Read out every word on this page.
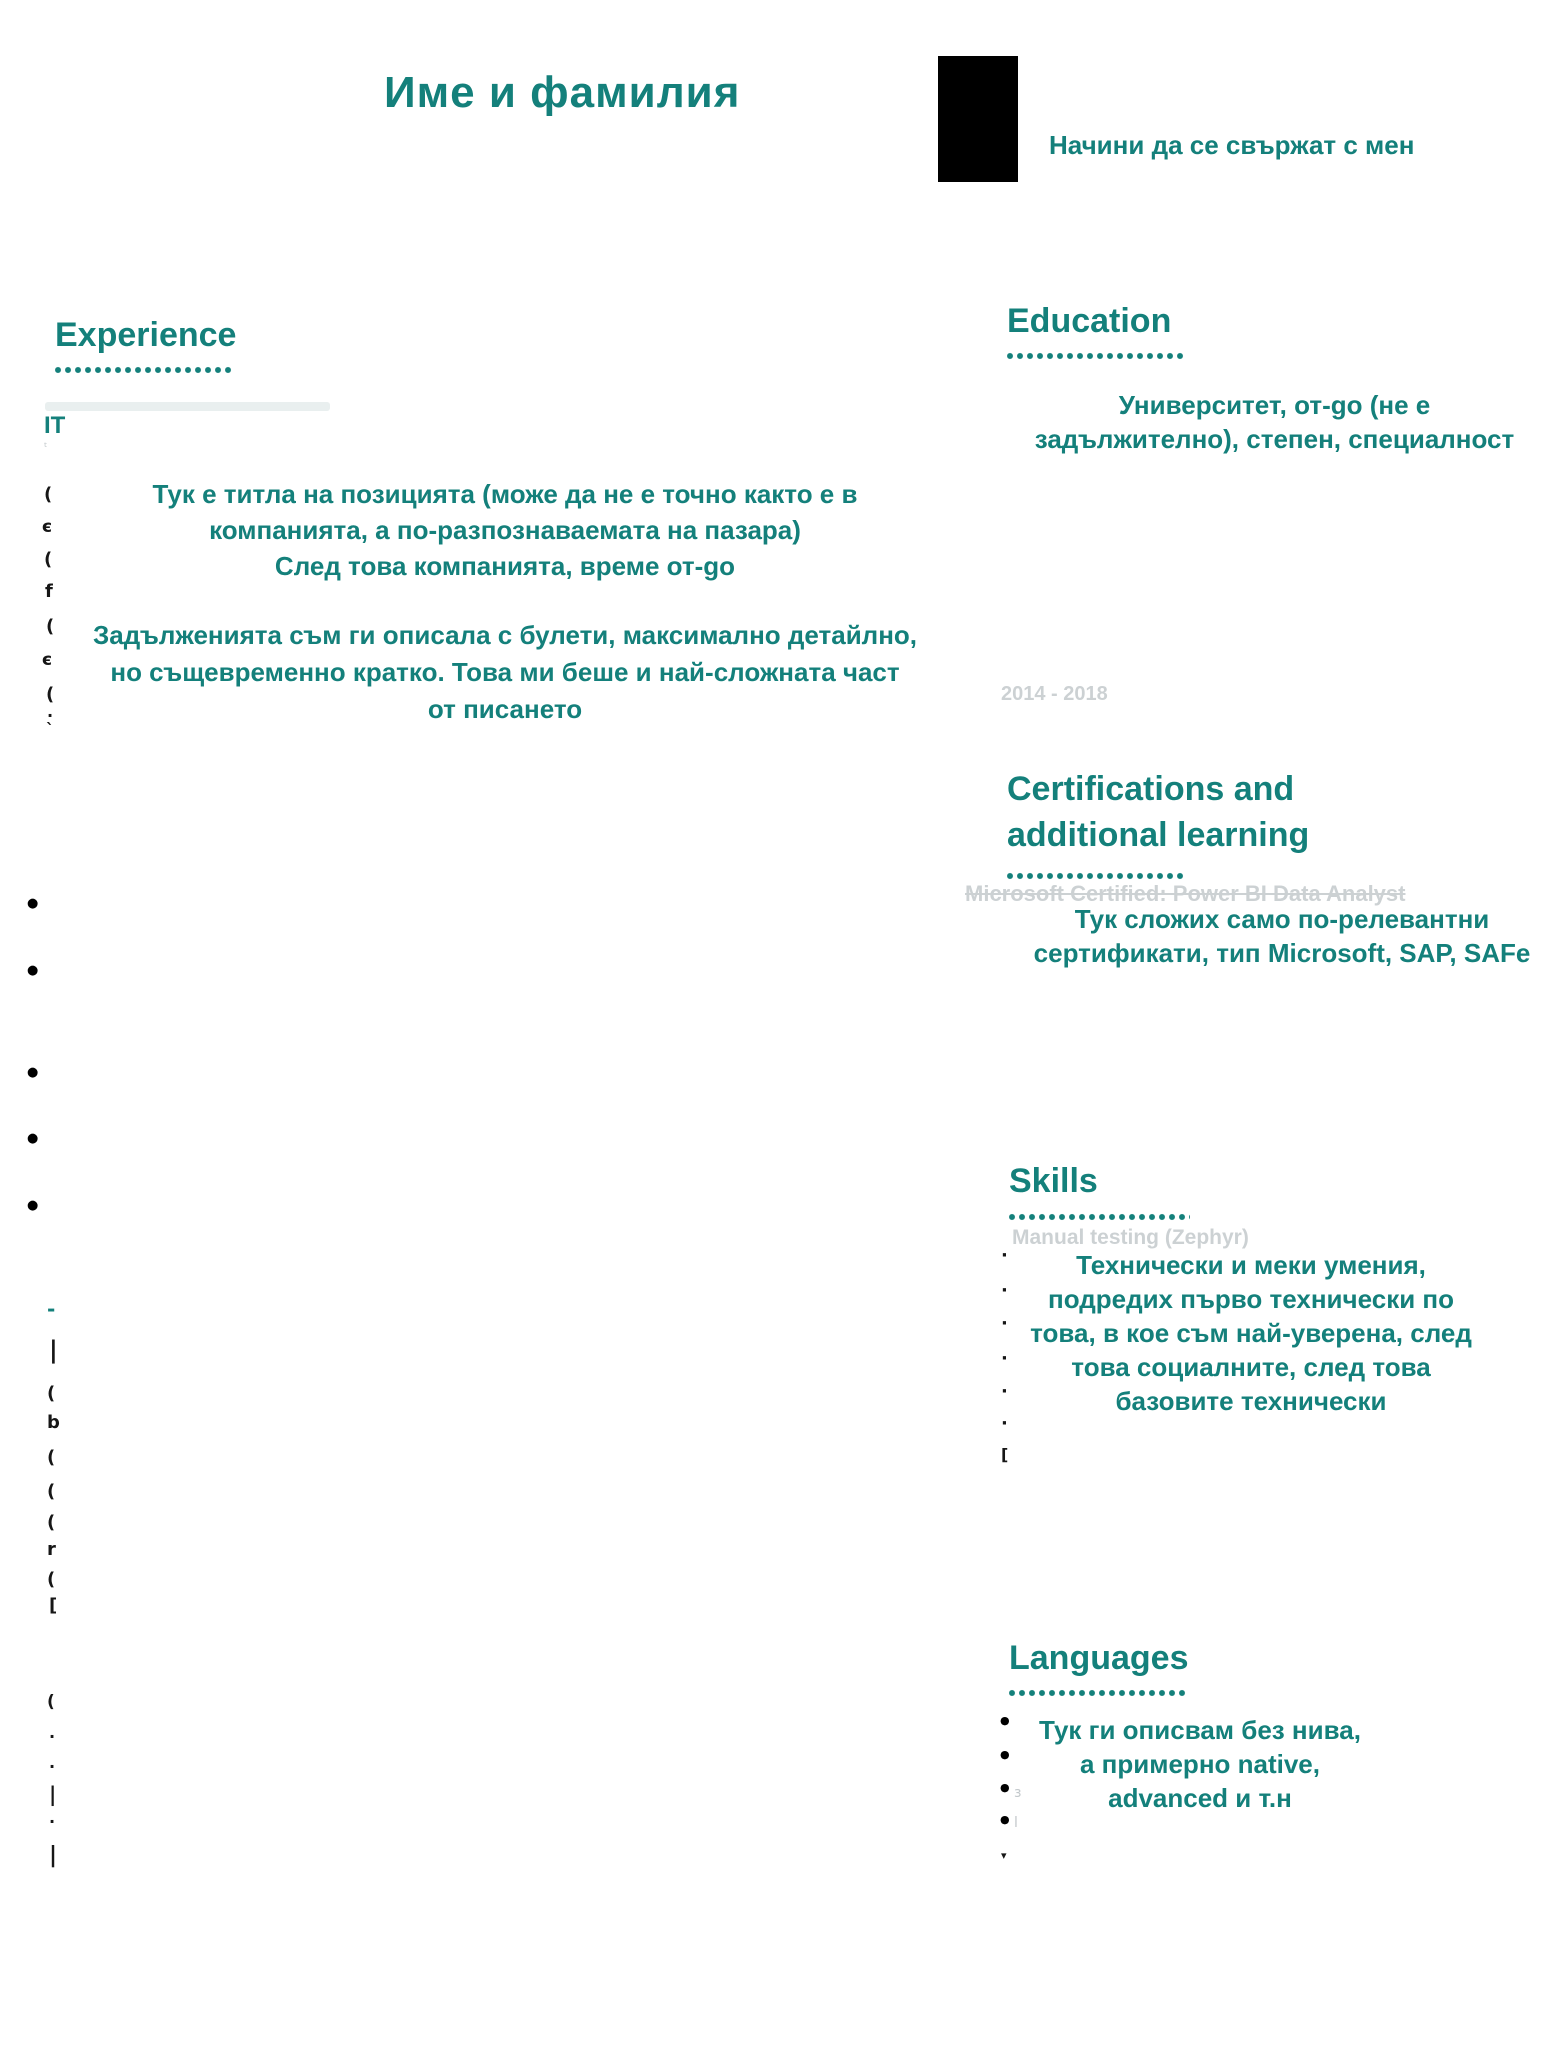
Име и фамилия
Начини да се свържат с мен
Experience
IT
Тук е титла на позицията (може да не е точно както е в
компанията, а по-разпознаваемата на пазара)
След това компанията, време от-go
Задълженията съм ги описала с булети, максимално детайлно,
но същевременно кратко. Това ми беше и най-сложната част
от писането
Education
Университет, от-go (не е
задължително), степен, специалност
2014 - 2018
Certifications and additional learning
Microsoft Certified: Power BI Data Analyst
Тук сложих само по-релевантни
сертификати, тип Microsoft, SAP, SAFe
Skills
Manual testing (Zephyr)
Технически и меки умения,
подредих първо технически по
това, в кое съм най-уверена, след
това социалните, след това
базовите технически
Languages
Тук ги описвам без нива,
а примерно native,
advanced и т.н
ᵗ
(
є
(
f
(
є
(
·
`
●
●
●
●
●
-
|
(
b
(
(
(
r
(
[
(
·
·
|
·
|
·
·
·
·
·
·
[
●
●
●
●
з
l
▾
